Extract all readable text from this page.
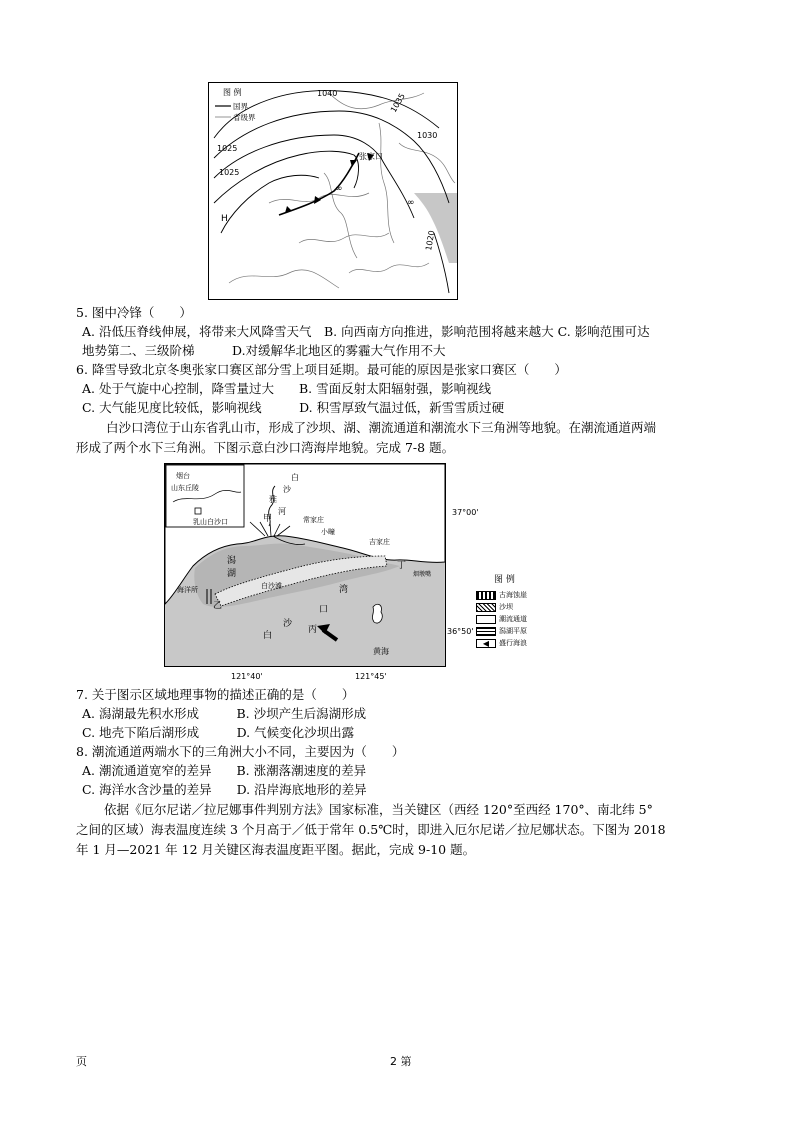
∞
∞
图 例
国界
省级界
1040	1035
1030
1025
1025
1020
张家口
H
5. 图中冷锋（　　）
A. 沿低压脊线伸展，将带来大风降雪天气　B. 向西南方向推进，影响范围将越来越大 C. 影响范围可达
地势第二、三级阶梯　　　D.对缓解华北地区的雾霾大气作用不大
6. 降雪导致北京冬奥张家口赛区部分雪上项目延期。最可能的原因是张家口赛区（　　）
A. 处于气旋中心控制，降雪量过大　　B. 雪面反射太阳辐射强，影响视线
C. 大气能见度比较低，影响视线　　　D. 积雪厚致气温过低，新雪雪质过硬
白沙口湾位于山东省乳山市，形成了沙坝、湖、潮流通道和潮流水下三角洲等地貌。在潮流通道两端
形成了两个水下三角洲。下图示意白沙口湾海岸地貌。完成 7-8 题。
烟台
山东丘陵
乳山白沙口
白
沙
雅
河
甲	常家庄
小疃
吉家庄
丁
烟墩嘴
潟
湖
白沙滩
海洋所
乙
沙
白
口
湾
丙
黄海
37°00'
36°50'
121°40'	121°45'
图 例
古海蚀崖
沙坝
潮流通道
潟湖平原
◀	盛行海浪
7. 关于图示区域地理事物的描述正确的是（　　）
A. 潟湖最先积水形成　　　B. 沙坝产生后潟湖形成
C. 地壳下陷后湖形成　　　D. 气候变化沙坝出露
8. 潮流通道两端水下的三角洲大小不同，主要因为（　　）
A. 潮流通道宽窄的差异　　B. 涨潮落潮速度的差异
C. 海洋水含沙量的差异　　D. 沿岸海底地形的差异
依据《厄尔尼诺／拉尼娜事件判别方法》国家标准，当关键区（西经 120°至西经 170°、南北纬 5°
之间的区域）海表温度连续 3 个月高于／低于常年 0.5℃时，即进入厄尔尼诺／拉尼娜状态。下图为 2018
年 1 月—2021 年 12 月关键区海表温度距平图。据此，完成 9-10 题。
页	2 第
